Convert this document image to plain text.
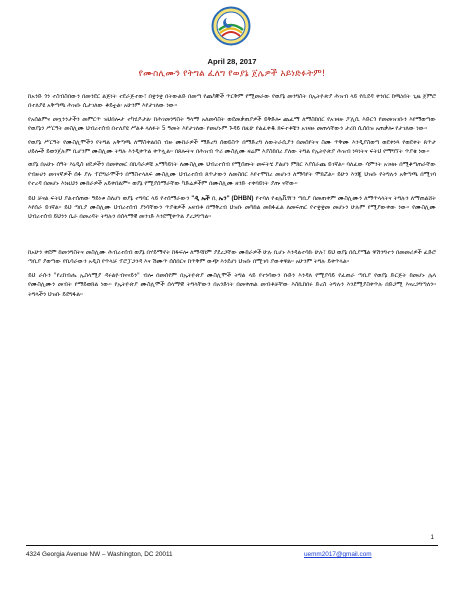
April 28, 2017
የሙስሊሙን የትግል ፈለግ የወያኔ ጀሌዎች አይነድፉትም!

ከአንድ ጎን ተስብስበውን በመንደር ልጅነት ተደራጅተው፣ በቋንቋ በትውልድ በመጣ የጨካኞች ጥርቅም የሚመራው የወያኔ መንግስት በኢትዮጵያ ሕዝብ ላይ የቢደዳ ቀንበር ከጫነበት ጊዜ ጀምሮ በተለያዩ አቅጣጫ ሕዝቡ ሲታገለው ቆይቷል፡ አሁንም እየታገለው ነው።

የአሰልምና መኳንንታችን መምርጥ ዝህበሎታ ተካሂዶታል፡ ከሕገመንግስት ዓላማ አለመሳስት ወደመቃጠያዎች ይቅድሎ ጨፈማ ለማስከበር የአገዛዙ ፖሊሲ እድርጎ የመመዝገቡን እየማወጣው የወያኔን ሥርዓት መስሊሙ ህብረተሰብ በተለያዩ ሥልቶ ላለፉት 5 ዓመት እየታገለው የመሆኑም ጉዳይ በዚሁ የልፈቀዱ ክፍተቶቹን አገዛዙ መጠላቸውን ታሪክ ሲሰበዝ አጠቃሎ የታገለው ነው።

የወያኔ ሥርዓት የሙስሊሞችን የትግል አቅጣጫ ለማስቀልበስ ብዙ ሙከራዎች ማድረግ ሰወይስጥ በማድረግ ለውትራሲያን በመሰየትና ስሙ ጥቅሙ እንዲያስወጣ ወደቀነጻ የወደቀት ጸጥታ ሀይሎች ይወንጀሉም ቢሆንም ሙስሊሙ ትግሉ እንዲቀጥል ቀጥሏል። በጸሎትና በሕዝብ ጥሪ ሙስሊሙ ዛሬም እያስከበረ ያለው ትግል የኢትዮጵያ ሕዝብ ነጻነትና ፍትህ የማግኘት ጥያቄ ነው።

ወያኔ በአሁኑ ሰዓት እኒዲስ ዘዴዎችን በመቀመር በኪሳራዎቹ አማካይነት ለሙስሊሙ ህብረተሰብ የሚሰጡት መፍትሄ ያልሆነ ምክር እያሰራጨ ይገኛል። ባለፈው ሳምንት አገዛዙ በሚቆጣጠራቸው የብዙሀን መገናኛዎች ሰፋ ያሉ ፕሮግራሞችን በማስተላለፍ ሙስሊሙ ህብረተሰብ ጸጥታውን ለመስበር እየተሞከረ መሆኑን ለማሳየት ሞክሯል። ይሁን እንጂ ህዝቡ የትግሉን አቅጣጫ በሚገባ የተረዳ በመሆኑ እነዚህን ሙከራዎች አይቀበልም። ወያኔ የሚያሰማራቸው ካድሬዎችም በሙስሊሙ ዘንድ ተቀባይነት ያጡ ናቸው።

ይህ ቻናል ፍትህ ያልተሰጠው ዓይነቱ ስለሆነ ወያኔ ተግባር ላይ የተሰማራውን "ዲ ኤች ቢ ኤን" (DHBN) የተባለ የቴሌቪዥን ጣቢያ በመጠቀም ሙስሊሙን ለማጥላላትና ትግሉን ለማጠልሸት እየሰራ ይገኛል። ይህ ጣቢያ ሙስሊሙ ህብረተሰብ ያነሳቸውን ጥያቄዎች አዛብቶ በማቅረብ ህዝቡ መካከል መከፋፈል ለመፍጠር የተቋቋመ መሆኑን ሁሉም የሚያውቀው ነው። የሙስሊሙ ህብረተሰብ ይህንን ሴራ በመረዳት ትግሉን በሰላማዊ መንገድ እንደሚቀጥል ያረጋግጣል።

ከአሁን ቀደም ከመንግስትና መስሊሙ ሕብረተሰብ ወያኔ በሃይማኖት ከፋፍሎ ለማዳከም ያደረጋቸው ሙከራዎች ሁሉ ቢሆኑ እንዳልተሳኩ ሁሉ፣ ይህ ወያኔ በሲያሜል ዋሽንግተን በመመሪዎች ፈድሮ ጣቢያ ያወጣው የኪሳራውን አዲስ የጥላቻ ፕሮፓጋንዳ እና ሽሙጥ ሰሰበርና ከጥቅም ውጭ እንደሆነ ህዝቡ በሚገባ ያውቀዋል። አሁንም ትግሉ ይቀጥላል።

ይህ ራሱን "የረከብሔ ኢስላሚያ ዳሩልዮብናናይን" ብሎ በመሰየም በኢትዮጵያ ሙስሊሞች ትግል ላይ የተነሳውን ቡድን እንዳለ የሚያሳይ የፈጠራ ጣቢያ የወያኔ ድርጅት ከመሆኑ ሌላ የሙስሊሙን መብት የማይወክል ነው። የኢትዮጵያ ሙስሊሞች ሰላማዊ ትግላቸውን በአንድነት በመቀጠል መብቶቻቸው እስኪከበሩ ድረስ ትግሉን እንደሚያስቀጥሉ በድጋሚ እናረጋግጣለን። ትግላችን ህዝቡ ይደግፋል።

1
4324 Georgia Avenue NW – Washington, DC 20011	uemm2017@gmail.com
